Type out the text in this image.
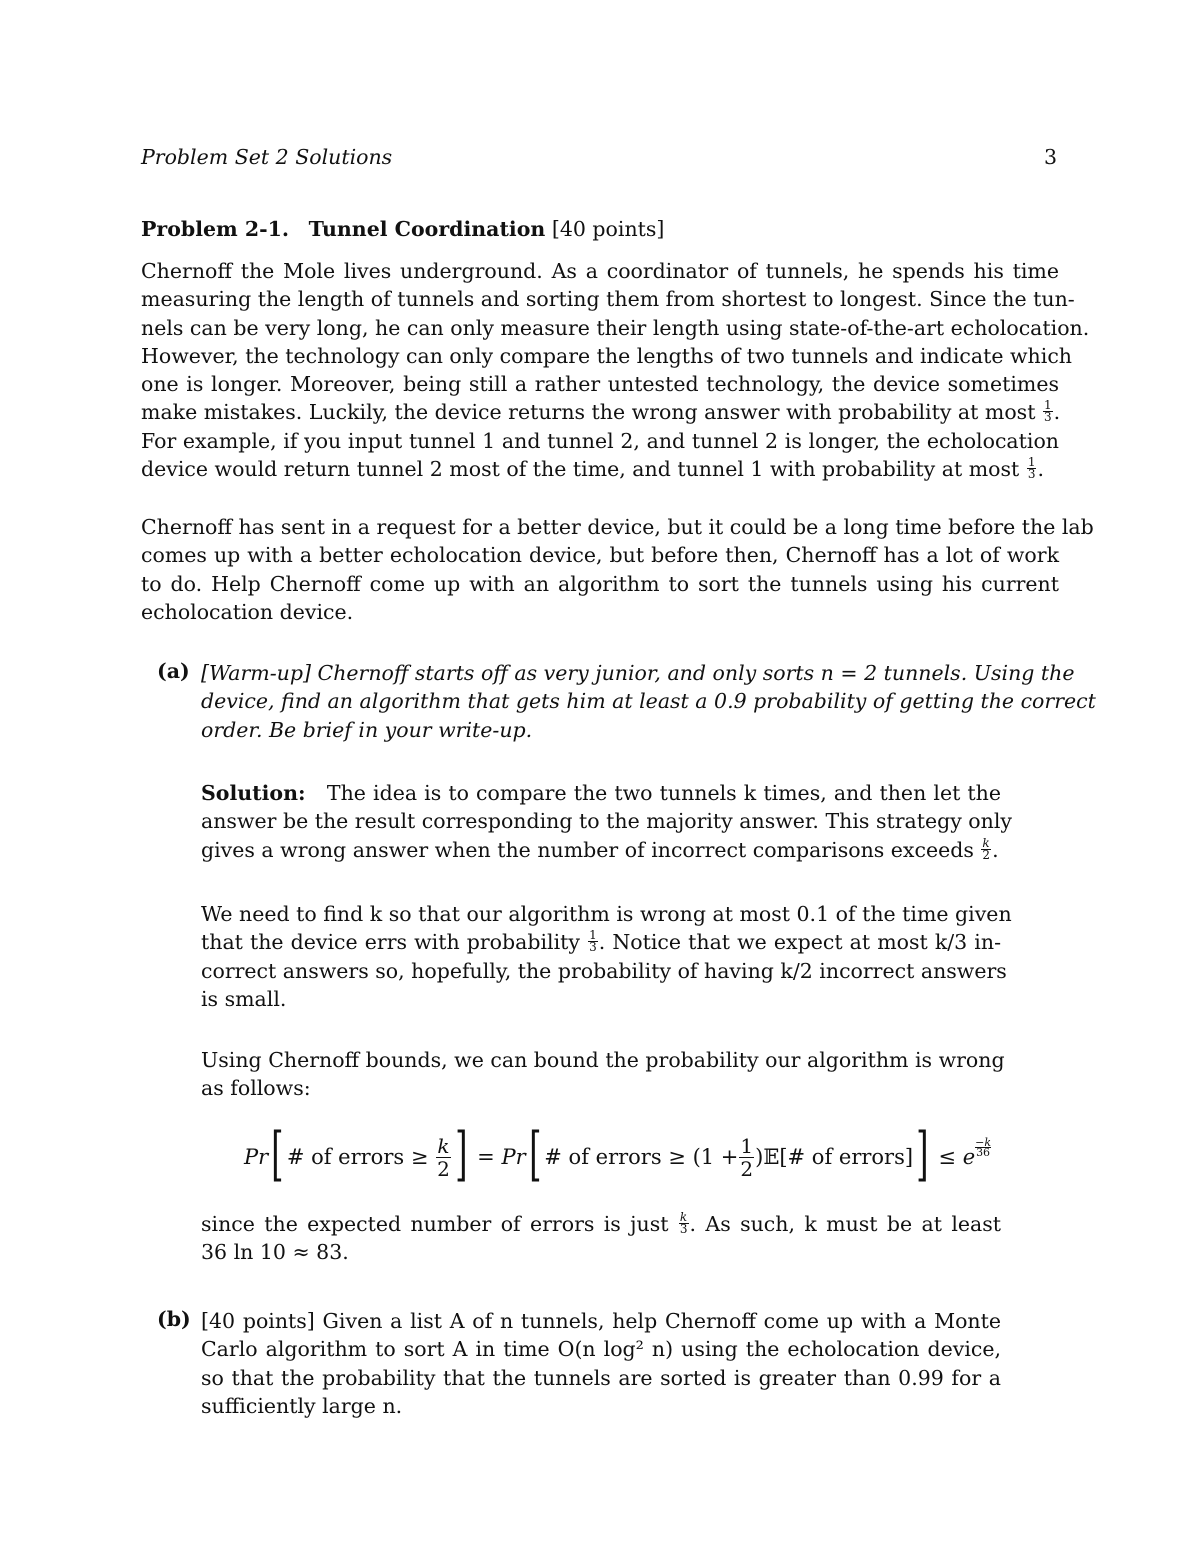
Problem Set 2 Solutions	3
Problem 2-1. Tunnel Coordination [40 points]
Chernoff the Mole lives underground. As a coordinator of tunnels, he spends his time
measuring the length of tunnels and sorting them from shortest to longest. Since the tun-
nels can be very long, he can only measure their length using state-of-the-art echolocation.
However, the technology can only compare the lengths of two tunnels and indicate which
one is longer. Moreover, being still a rather untested technology, the device sometimes
make mistakes. Luckily, the device returns the wrong answer with probability at most $\frac{1}{3}$ .
For example, if you input tunnel 1 and tunnel 2, and tunnel 2 is longer, the echolocation
device would return tunnel 2 most of the time, and tunnel 1 with probability at most $\frac{1}{3}$ .
Chernoff has sent in a request for a better device, but it could be a long time before the lab
comes up with a better echolocation device, but before then, Chernoff has a lot of work
to do. Help Chernoff come up with an algorithm to sort the tunnels using his current
echolocation device.
(a) [Warm-up] Chernoff starts off as very junior, and only sorts n = 2 tunnels. Using the
device, find an algorithm that gets him at least a 0.9 probability of getting the correct
order. Be brief in your write-up.
Solution: The idea is to compare the two tunnels k times, and then let the
answer be the result corresponding to the majority answer. This strategy only
gives a wrong answer when the number of incorrect comparisons exceeds $\frac{k}{2}$ .
We need to find k so that our algorithm is wrong at most 0.1 of the time given
that the device errs with probability $\frac{1}{3}$ . Notice that we expect at most k/3 in-
correct answers so, hopefully, the probability of having k/2 incorrect answers
is small.
Using Chernoff bounds, we can bound the probability our algorithm is wrong
as follows:
Pr [ # of errors ≥
$\frac{k}{2}$ ]
=
Pr [ # of errors ≥
($1 + \frac{1}{2}$ )𝔼[# of errors] ]
≤
e
−k
36
since the expected number of errors is just $\frac{k}{3}$ . As such, k must be at least
36 ln 10 ≈ 83.
(b) [40 points] Given a list A of n tunnels, help Chernoff come up with a Monte
Carlo algorithm to sort A in time O(n log² n) using the echolocation device,
so that the probability that the tunnels are sorted is greater than 0.99 for a
sufficiently large n.
